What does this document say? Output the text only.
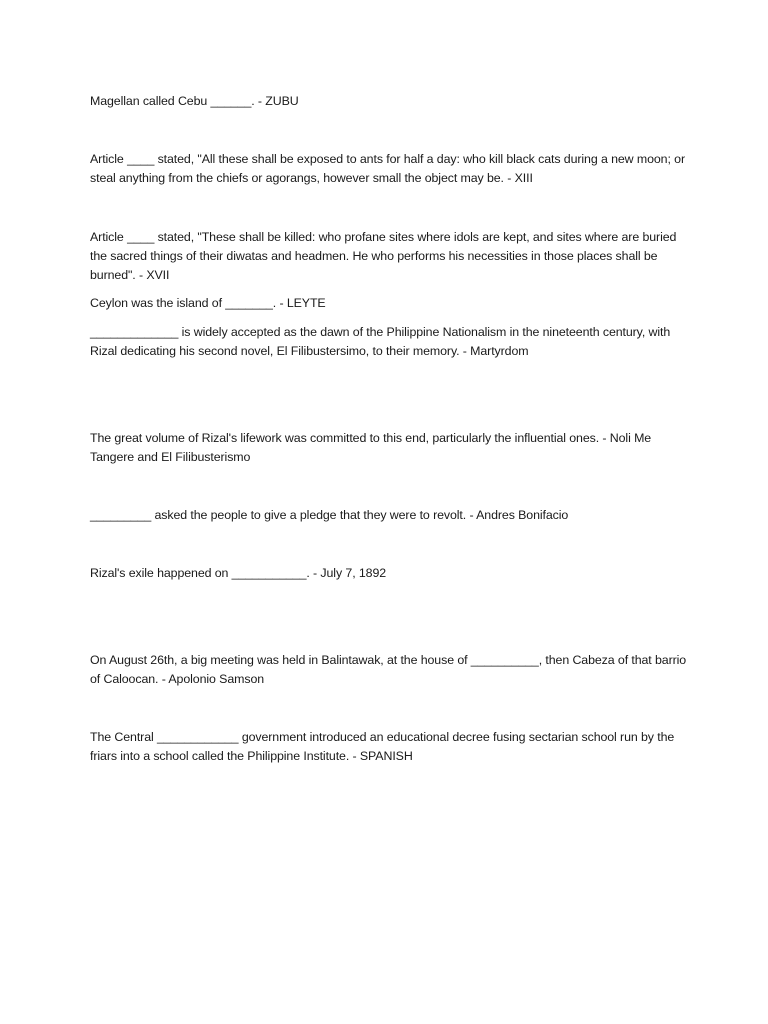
Magellan called Cebu ______. - ZUBU

Article ____ stated, "All these shall be exposed to ants for half a day: who kill black cats during a new moon; or steal anything from the chiefs or agorangs, however small the object may be. - XIII

Article ____ stated, "These shall be killed: who profane sites where idols are kept, and sites where are buried the sacred things of their diwatas and headmen. He who performs his necessities in those places shall be burned". - XVII

Ceylon was the island of _______. - LEYTE

_____________ is widely accepted as the dawn of the Philippine Nationalism in the nineteenth century, with Rizal dedicating his second novel, El Filibustersimo, to their memory. - Martyrdom

The great volume of Rizal's lifework was committed to this end, particularly the influential ones. - Noli Me Tangere and El Filibusterismo

_________ asked the people to give a pledge that they were to revolt. - Andres Bonifacio

Rizal's exile happened on ___________. - July 7, 1892

On August 26th, a big meeting was held in Balintawak, at the house of __________, then Cabeza of that barrio of Caloocan. - Apolonio Samson

The Central ____________ government introduced an educational decree fusing sectarian school run by the friars into a school called the Philippine Institute. - SPANISH
